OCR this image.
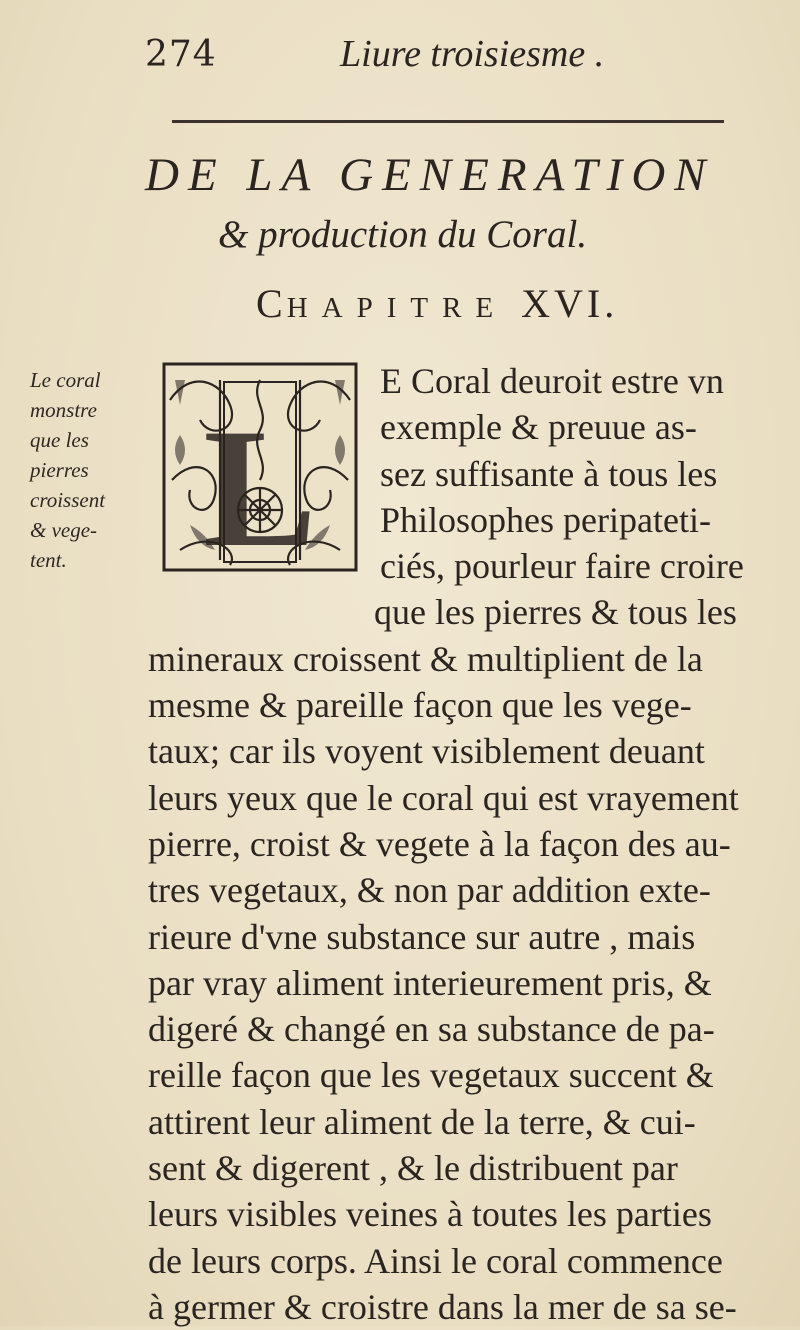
274	Liure troisiesme .
DE LA GENERATION
& production du Coral.
CHAPITRE XVI.
Le coral
monstre
que les
pierres
croissent
& vege-
tent. L
E Coral deuroit estre vn
exemple & preuue as-
sez suffisante à tous les
Philosophes peripateti-
ciés, pourleur faire croire
que les pierres & tous les
mineraux croissent & multiplient de la
mesme & pareille façon que les vege-
taux; car ils voyent visiblement deuant
leurs yeux que le coral qui est vrayement
pierre, croist & vegete à la façon des au-
tres vegetaux, & non par addition exte-
rieure d'vne substance sur autre , mais
par vray aliment interieurement pris, &
digeré & changé en sa substance de pa-
reille façon que les vegetaux succent &
attirent leur aliment de la terre, & cui-
sent & digerent , & le distribuent par
leurs visibles veines à toutes les parties
de leurs corps. Ainsi le coral commence
à germer & croistre dans la mer de sa se-
